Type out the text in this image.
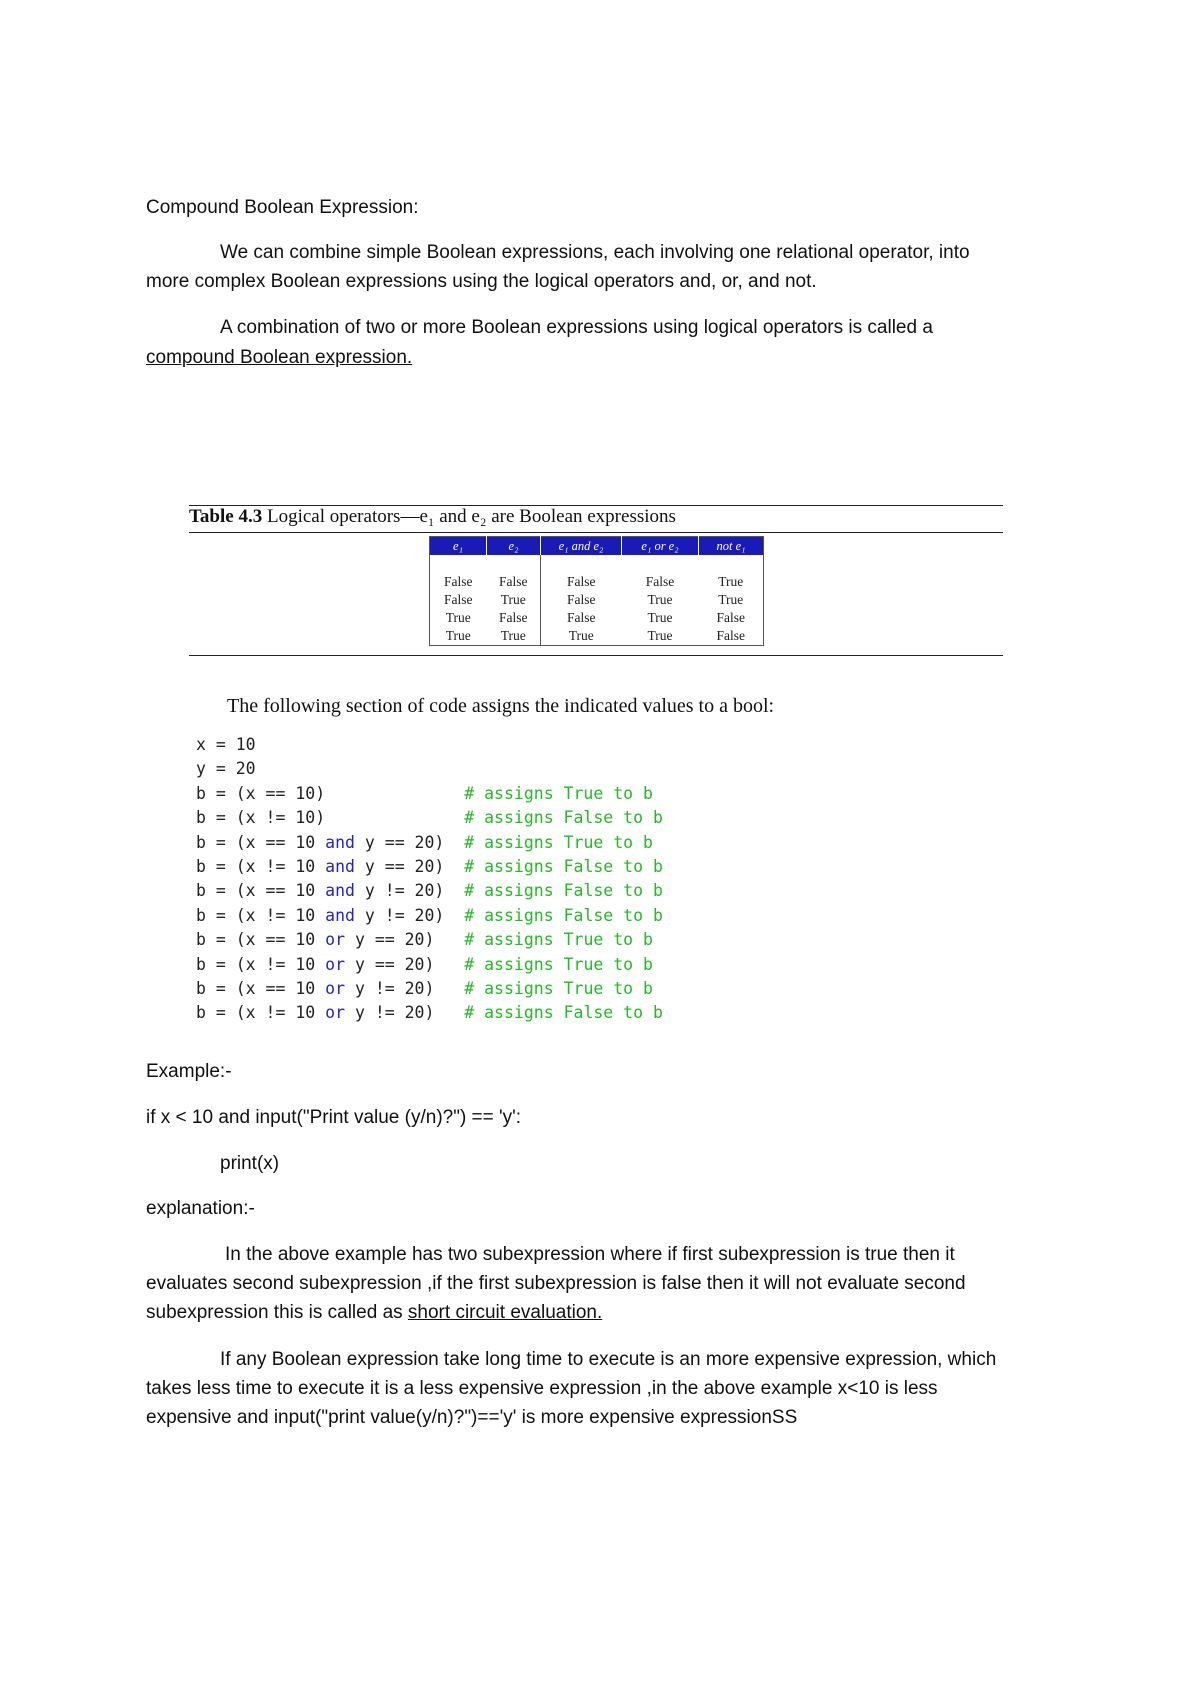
Compound Boolean Expression:
We can combine simple Boolean expressions, each involving one relational operator, into
more complex Boolean expressions using the logical operators and, or, and not.
A combination of two or more Boolean expressions using logical operators is called a
compound Boolean expression.
Table 4.3 Logical operators—e₁ and e₂ are Boolean expressions
e₁	e₂	e₁ and e₂	e₁ or e₂	not e₁

False	False	False	False	True
False	True	False	True	True
True	False	False	True	False
True	True	True	True	False
The following section of code assigns the indicated values to a bool:
x = 10
y = 20
b = (x == 10)              # assigns True to b
b = (x != 10)              # assigns False to b
b = (x == 10 and y == 20)  # assigns True to b
b = (x != 10 and y == 20)  # assigns False to b
b = (x == 10 and y != 20)  # assigns False to b
b = (x != 10 and y != 20)  # assigns False to b
b = (x == 10 or y == 20)   # assigns True to b
b = (x != 10 or y == 20)   # assigns True to b
b = (x == 10 or y != 20)   # assigns True to b
b = (x != 10 or y != 20)   # assigns False to b
Example:-
if x < 10 and input("Print value (y/n)?") == 'y':
print(x)
explanation:-
In the above example has two subexpression where if first subexpression is true then it
evaluates second subexpression ,if the first subexpression is false then it will not evaluate second
subexpression this is called as short circuit evaluation.
If any Boolean expression take long time to execute is an more expensive expression, which
takes less time to execute it is a less expensive expression ,in the above example x<10 is less
expensive and input("print value(y/n)?")=='y' is more expensive expressionSS
